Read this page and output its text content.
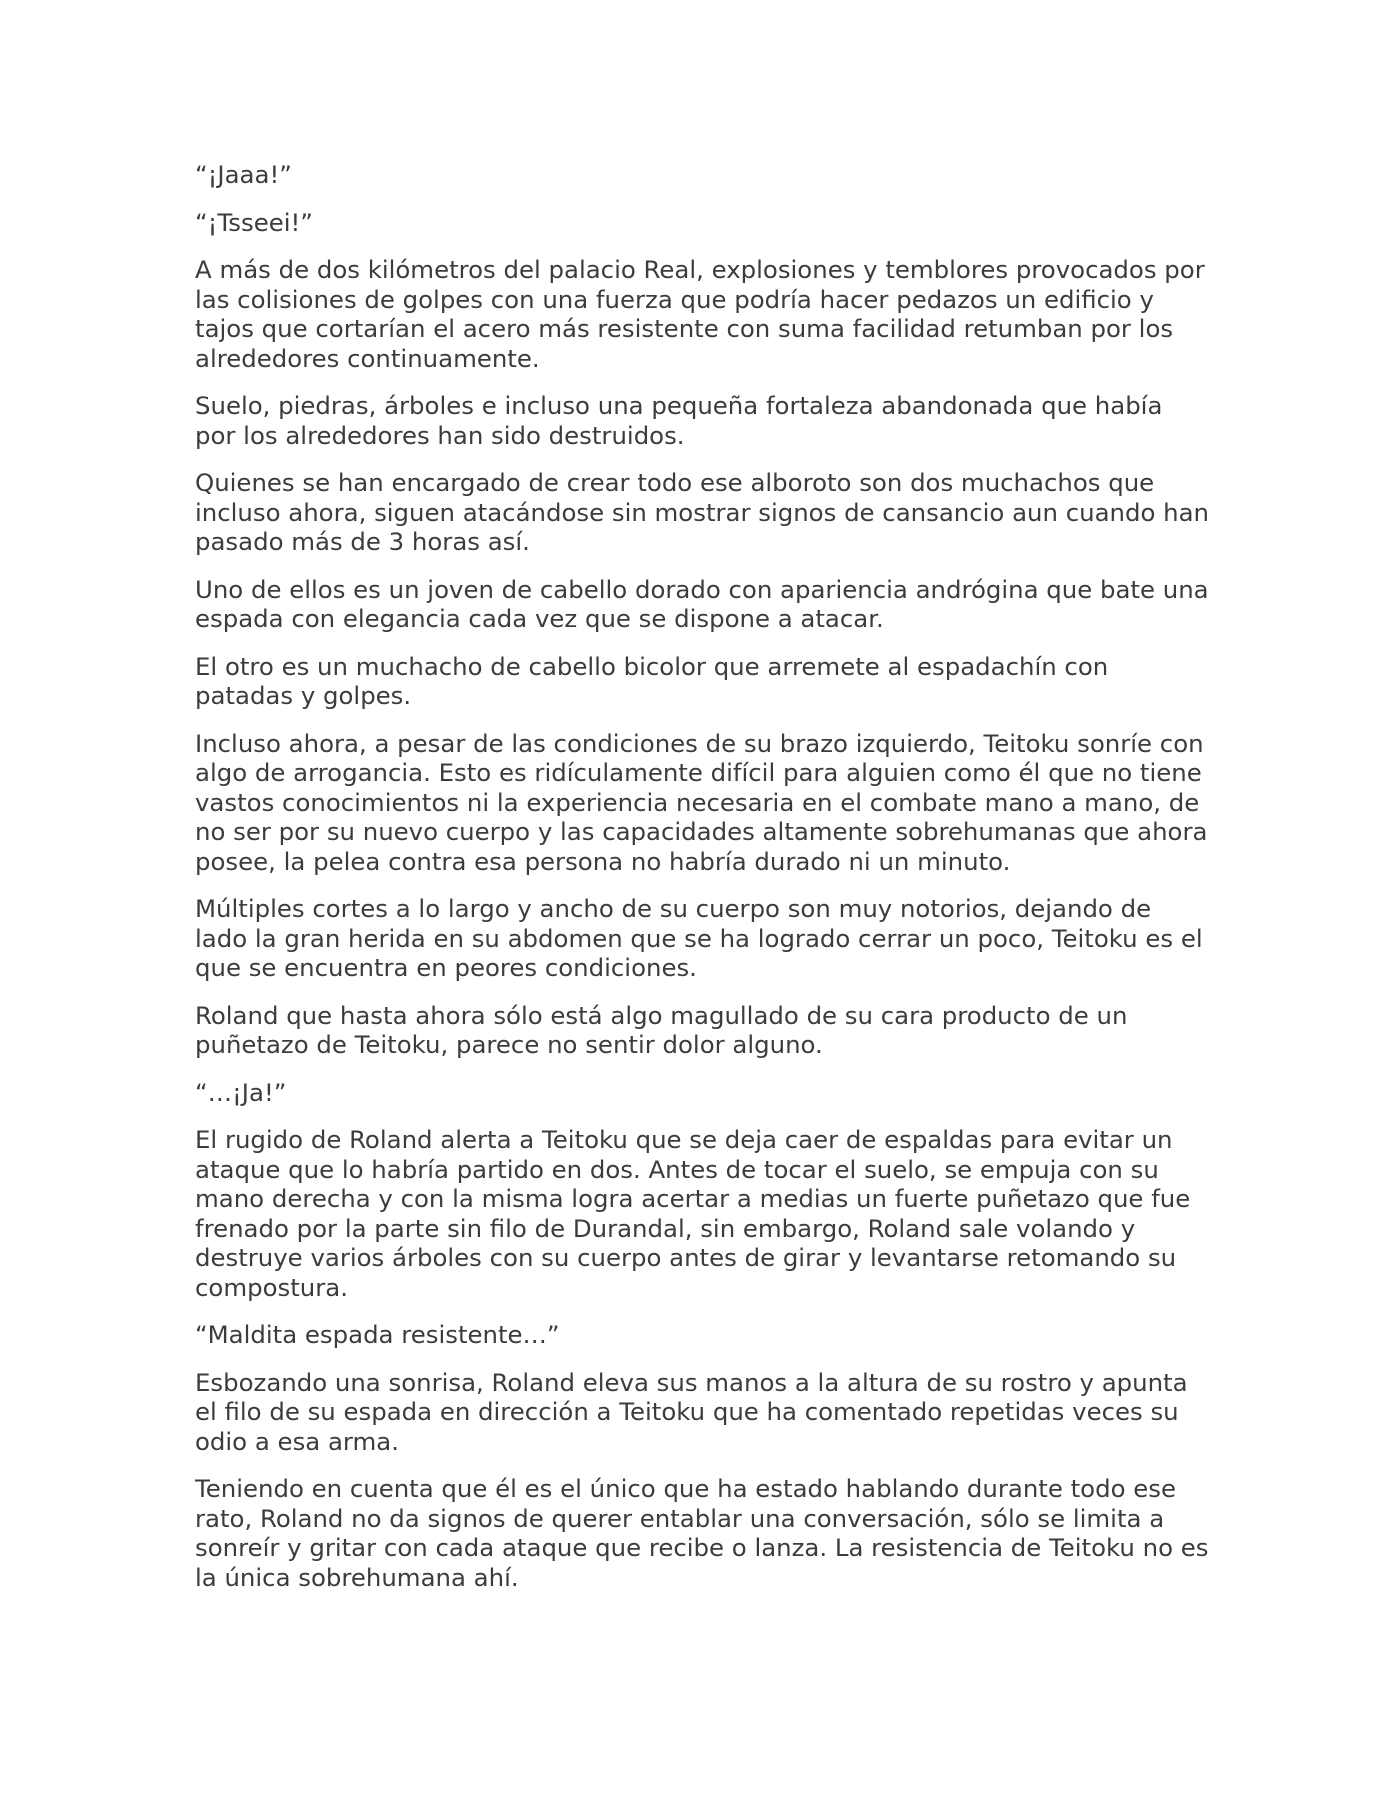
“¡Jaaa!”

“¡Tsseei!”

A más de dos kilómetros del palacio Real, explosiones y temblores provocados por las colisiones de golpes con una fuerza que podría hacer pedazos un edificio y tajos que cortarían el acero más resistente con suma facilidad retumban por los alrededores continuamente.

Suelo, piedras, árboles e incluso una pequeña fortaleza abandonada que había por los alrededores han sido destruidos.

Quienes se han encargado de crear todo ese alboroto son dos muchachos que incluso ahora, siguen atacándose sin mostrar signos de cansancio aun cuando han pasado más de 3 horas así.

Uno de ellos es un joven de cabello dorado con apariencia andrógina que bate una espada con elegancia cada vez que se dispone a atacar.

El otro es un muchacho de cabello bicolor que arremete al espadachín con patadas y golpes.

Incluso ahora, a pesar de las condiciones de su brazo izquierdo, Teitoku sonríe con algo de arrogancia. Esto es ridículamente difícil para alguien como él que no tiene vastos conocimientos ni la experiencia necesaria en el combate mano a mano, de no ser por su nuevo cuerpo y las capacidades altamente sobrehumanas que ahora posee, la pelea contra esa persona no habría durado ni un minuto.

Múltiples cortes a lo largo y ancho de su cuerpo son muy notorios, dejando de lado la gran herida en su abdomen que se ha logrado cerrar un poco, Teitoku es el que se encuentra en peores condiciones.

Roland que hasta ahora sólo está algo magullado de su cara producto de un puñetazo de Teitoku, parece no sentir dolor alguno.

“…¡Ja!”

El rugido de Roland alerta a Teitoku que se deja caer de espaldas para evitar un ataque que lo habría partido en dos. Antes de tocar el suelo, se empuja con su mano derecha y con la misma logra acertar a medias un fuerte puñetazo que fue frenado por la parte sin filo de Durandal, sin embargo, Roland sale volando y destruye varios árboles con su cuerpo antes de girar y levantarse retomando su compostura.

“Maldita espada resistente…”

Esbozando una sonrisa, Roland eleva sus manos a la altura de su rostro y apunta el filo de su espada en dirección a Teitoku que ha comentado repetidas veces su odio a esa arma.

Teniendo en cuenta que él es el único que ha estado hablando durante todo ese rato, Roland no da signos de querer entablar una conversación, sólo se limita a sonreír y gritar con cada ataque que recibe o lanza. La resistencia de Teitoku no es la única sobrehumana ahí.
